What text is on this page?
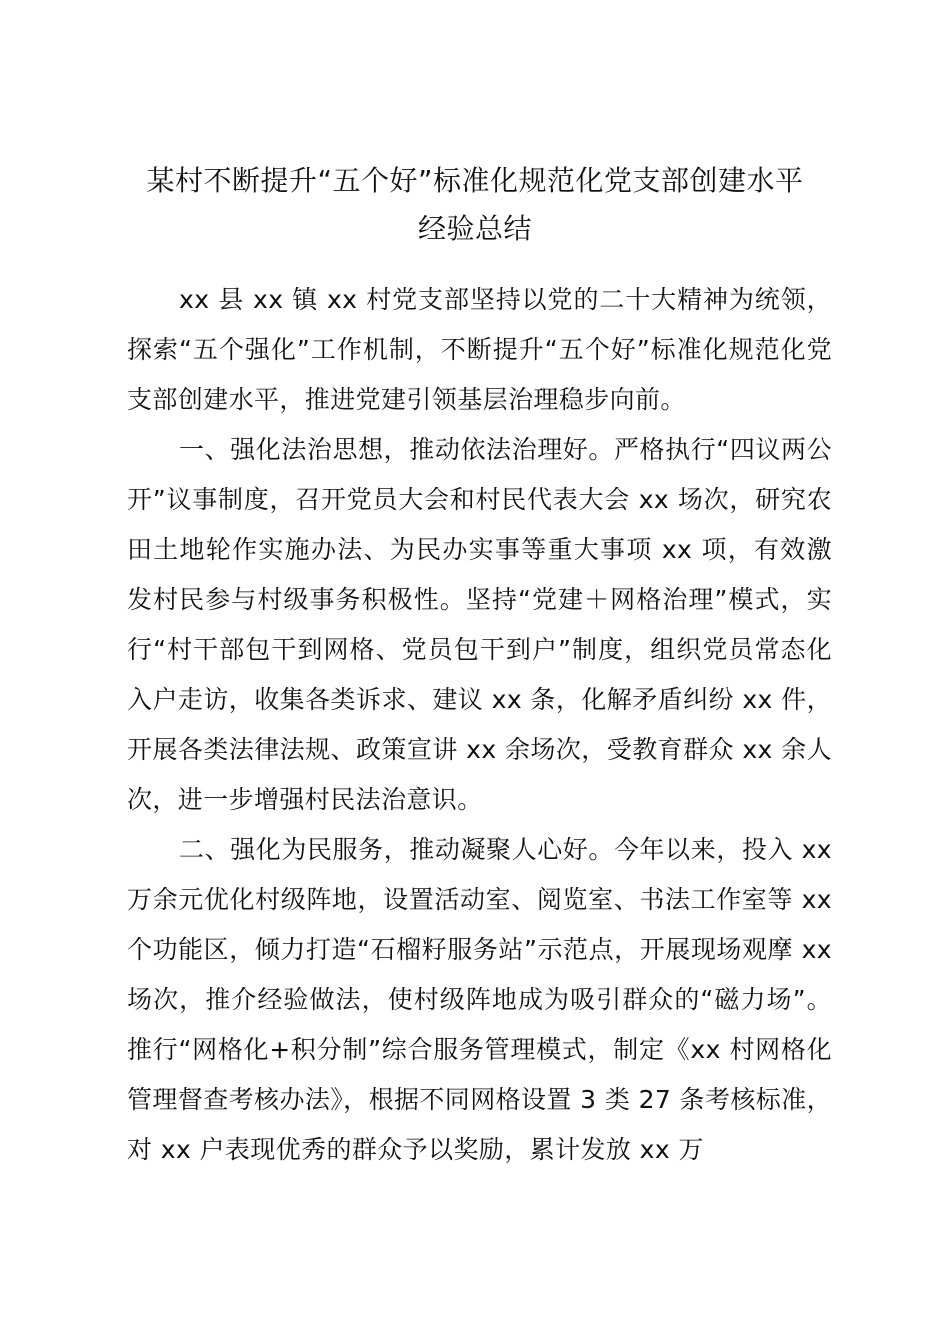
某村不断提升“五个好”标准化规范化党支部创建水平
经验总结

xx 县 xx 镇 xx 村党支部坚持以党的二十大精神为统领，探索“五个强化”工作机制，不断提升“五个好”标准化规范化党支部创建水平，推进党建引领基层治理稳步向前。

一、强化法治思想，推动依法治理好。严格执行“四议两公开”议事制度，召开党员大会和村民代表大会 xx 场次，研究农田土地轮作实施办法、为民办实事等重大事项 xx 项，有效激发村民参与村级事务积极性。坚持“党建＋网格治理”模式，实行“村干部包干到网格、党员包干到户”制度，组织党员常态化入户走访，收集各类诉求、建议 xx 条，化解矛盾纠纷 xx 件，开展各类法律法规、政策宣讲 xx 余场次，受教育群众 xx 余人次，进一步增强村民法治意识。

二、强化为民服务，推动凝聚人心好。今年以来，投入 xx 万余元优化村级阵地，设置活动室、阅览室、书法工作室等 xx 个功能区，倾力打造“石榴籽服务站”示范点，开展现场观摩 xx 场次，推介经验做法，使村级阵地成为吸引群众的“磁力场”。推行“网格化+积分制”综合服务管理模式，制定《xx 村网格化管理督查考核办法》，根据不同网格设置 3 类 27 条考核标准，对 xx 户表现优秀的群众予以奖励，累计发放 xx 万
